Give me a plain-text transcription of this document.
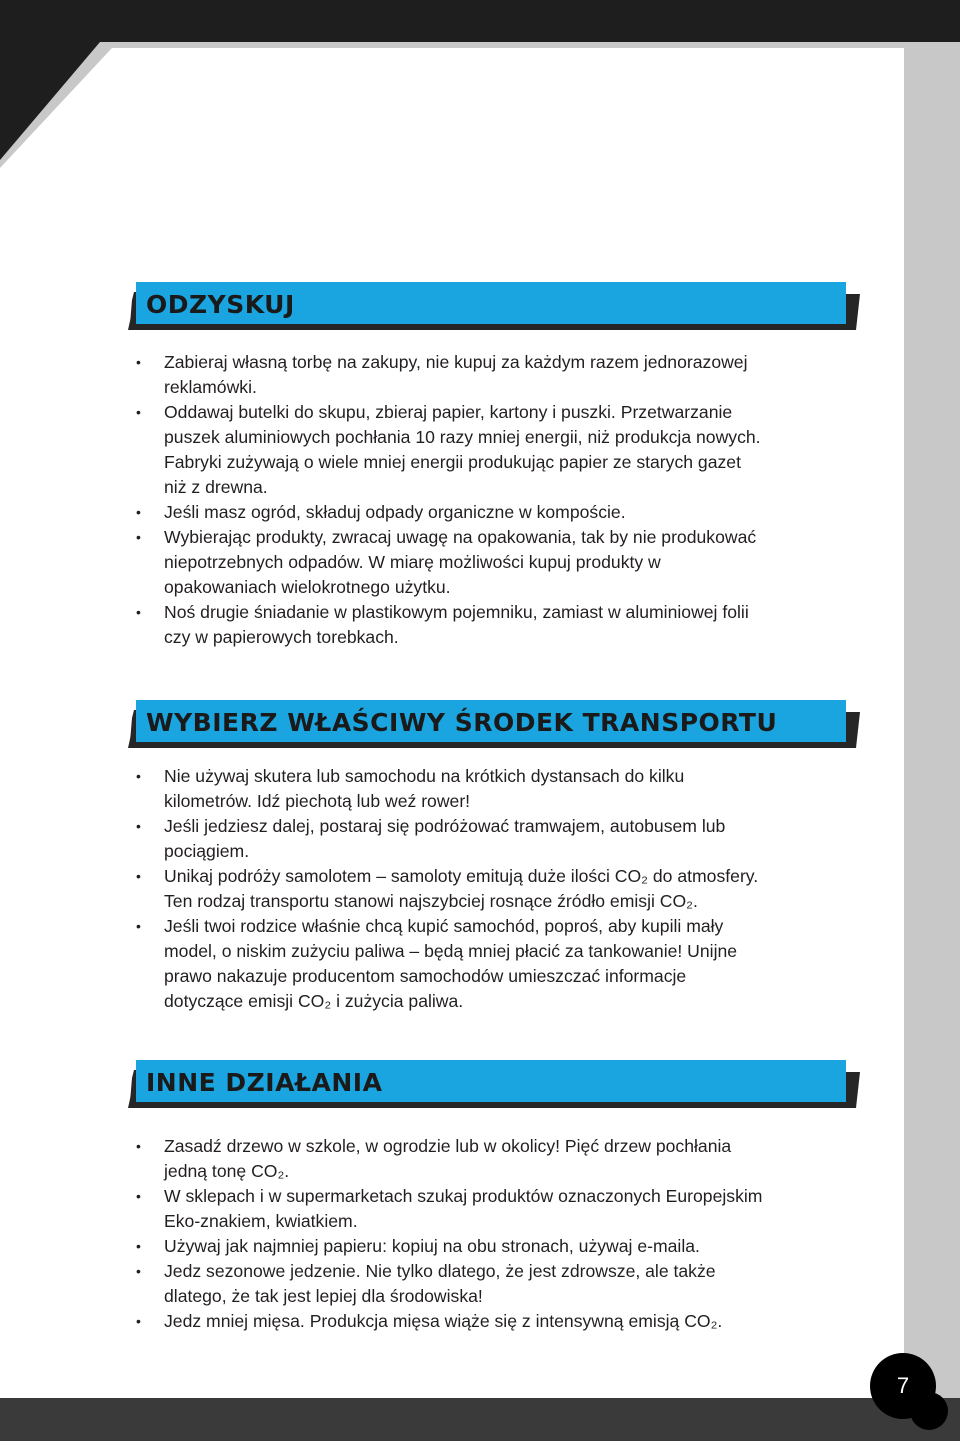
ODZYSKUJ
• Zabieraj własną torbę na zakupy, nie kupuj za każdym razem jednorazowej
reklamówki.
• Oddawaj butelki do skupu, zbieraj papier, kartony i puszki. Przetwarzanie
puszek aluminiowych pochłania 10 razy mniej energii, niż produkcja nowych.
Fabryki zużywają o wiele mniej energii produkując papier ze starych gazet
niż z drewna.
• Jeśli masz ogród, składuj odpady organiczne w kompoście.
• Wybierając produkty, zwracaj uwagę na opakowania, tak by nie produkować
niepotrzebnych odpadów. W miarę możliwości kupuj produkty w
opakowaniach wielokrotnego użytku.
• Noś drugie śniadanie w plastikowym pojemniku, zamiast w aluminiowej folii
czy w papierowych torebkach.
WYBIERZ WŁAŚCIWY ŚRODEK TRANSPORTU
• Nie używaj skutera lub samochodu na krótkich dystansach do kilku
kilometrów. Idź piechotą lub weź rower!
• Jeśli jedziesz dalej, postaraj się podróżować tramwajem, autobusem lub
pociągiem.
• Unikaj podróży samolotem – samoloty emitują duże ilości CO₂ do atmosfery.
Ten rodzaj transportu stanowi najszybciej rosnące źródło emisji CO₂.
• Jeśli twoi rodzice właśnie chcą kupić samochód, poproś, aby kupili mały
model, o niskim zużyciu paliwa – będą mniej płacić za tankowanie! Unijne
prawo nakazuje producentom samochodów umieszczać informacje
dotyczące emisji CO₂ i zużycia paliwa.
INNE DZIAŁANIA
• Zasadź drzewo w szkole, w ogrodzie lub w okolicy! Pięć drzew pochłania
jedną tonę CO₂.
• W sklepach i w supermarketach szukaj produktów oznaczonych Europejskim
Eko-znakiem, kwiatkiem.
• Używaj jak najmniej papieru: kopiuj na obu stronach, używaj e-maila.
• Jedz sezonowe jedzenie. Nie tylko dlatego, że jest zdrowsze, ale także
dlatego, że tak jest lepiej dla środowiska!
• Jedz mniej mięsa. Produkcja mięsa wiąże się z intensywną emisją CO₂.
7
